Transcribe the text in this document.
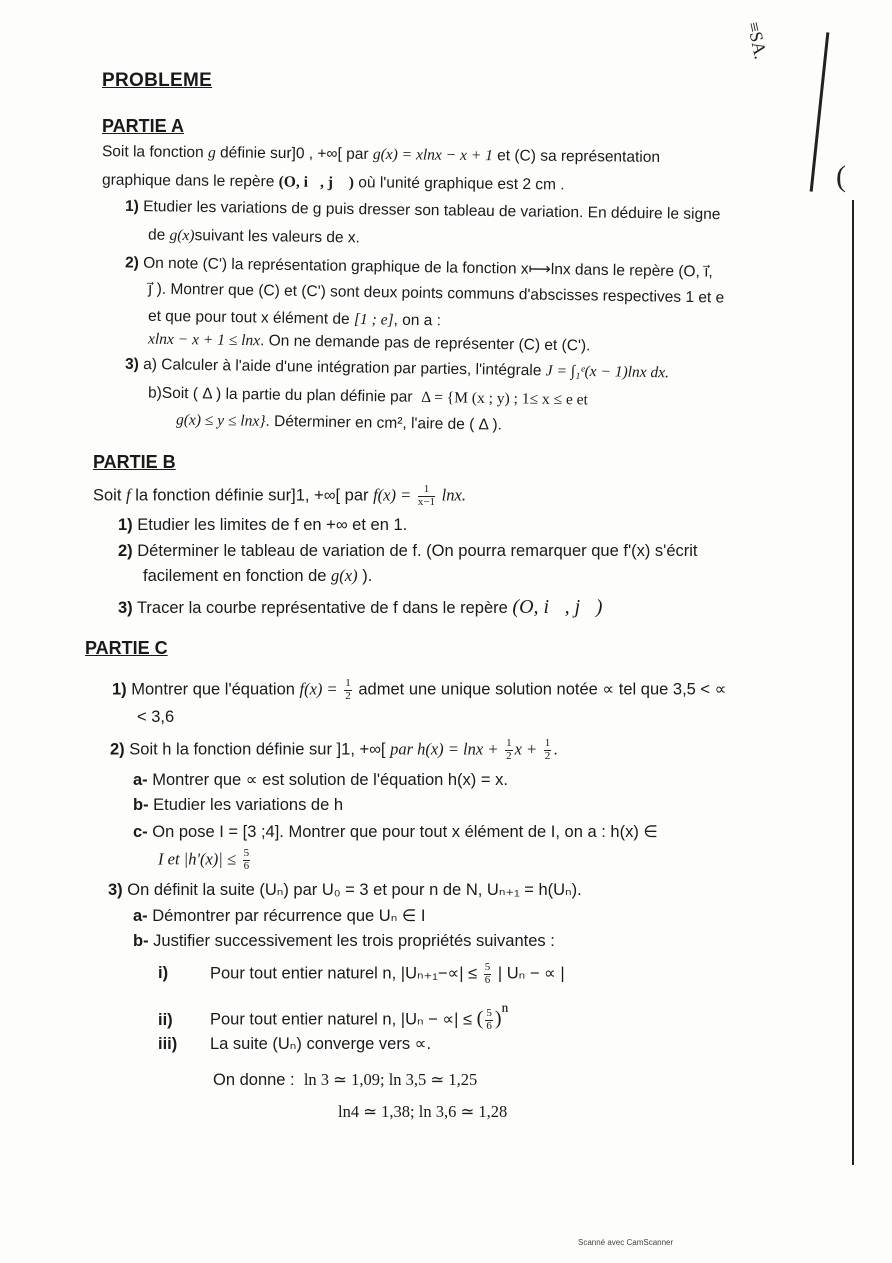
≡SA.
(
PROBLEME
PARTIE A
Soit la fonction g définie sur]0 , +∞[ par g(x) = xlnx − x + 1 et (C) sa représentation
graphique dans le repère (O, i⃗, j⃗ ) où l'unité graphique est 2 cm .
1) Etudier les variations de g puis dresser son tableau de variation. En déduire le signe
de g(x)suivant les valeurs de x.
2) On note (C') la représentation graphique de la fonction x⟼lnx dans le repère (O, i⃗,
j⃗ ). Montrer que (C) et (C') sont deux points communs d'abscisses respectives 1 et e
et que pour tout x élément de [1 ; e], on a :
xlnx − x + 1 ≤ lnx. On ne demande pas de représenter (C) et (C').
3) a) Calculer à l'aide d'une intégration par parties, l'intégrale J = ∫₁ᵉ(x − 1)lnx dx.
b)Soit ( Δ ) la partie du plan définie par Δ = {M (x ; y) ; 1≤ x ≤ e et
g(x) ≤ y ≤ lnx}. Déterminer en cm², l'aire de ( Δ ).
PARTIE B
Soit f la fonction définie sur]1, +∞[ par $f(x) = \frac{1}{x-1} \ln x$.
1) Etudier les limites de f en +∞ et en 1.
2) Déterminer le tableau de variation de f. (On pourra remarquer que f'(x) s'écrit
facilement en fonction de g(x) ).
3) Tracer la courbe représentative de f dans le repère (O, i⃗, j⃗)
PARTIE C
1) Montrer que l'équation $f(x) = \frac{1}{2}$ admet une unique solution notée ∝ tel que 3,5 < ∝
< 3,6
2) Soit h la fonction définie sur ]1, +∞[ par $h(x) = \ln x + \frac{1}{2}$ $x + \frac{1}{2}$ .
a- Montrer que ∝ est solution de l'équation h(x) = x.
b- Etudier les variations de h
c- On pose I = [3 ;4]. Montrer que pour tout x élément de I, on a : h(x) ∈
I et $|h'(x)| \le \frac{5}{6}$
3) On définit la suite (Uₙ) par U₀ = 3 et pour n de N, Uₙ₊₁ = h(Uₙ).
a- Démontrer par récurrence que Uₙ ∈ I
b- Justifier successivement les trois propriétés suivantes :
i)	Pour tout entier naturel n, $|U_{n+1}-\propto| \le \frac{5}{6}$ | Uₙ − ∝ |
ii) Pour tout entier naturel n, |Uₙ − ∝| ≤ ( $\frac{5}{6} )^n$
iii) La suite (Uₙ) converge vers ∝.
On donne : ln 3 ≃ 1,09; ln 3,5 ≃ 1,25
ln4 ≃ 1,38; ln 3,6 ≃ 1,28
Scanné avec CamScanner
